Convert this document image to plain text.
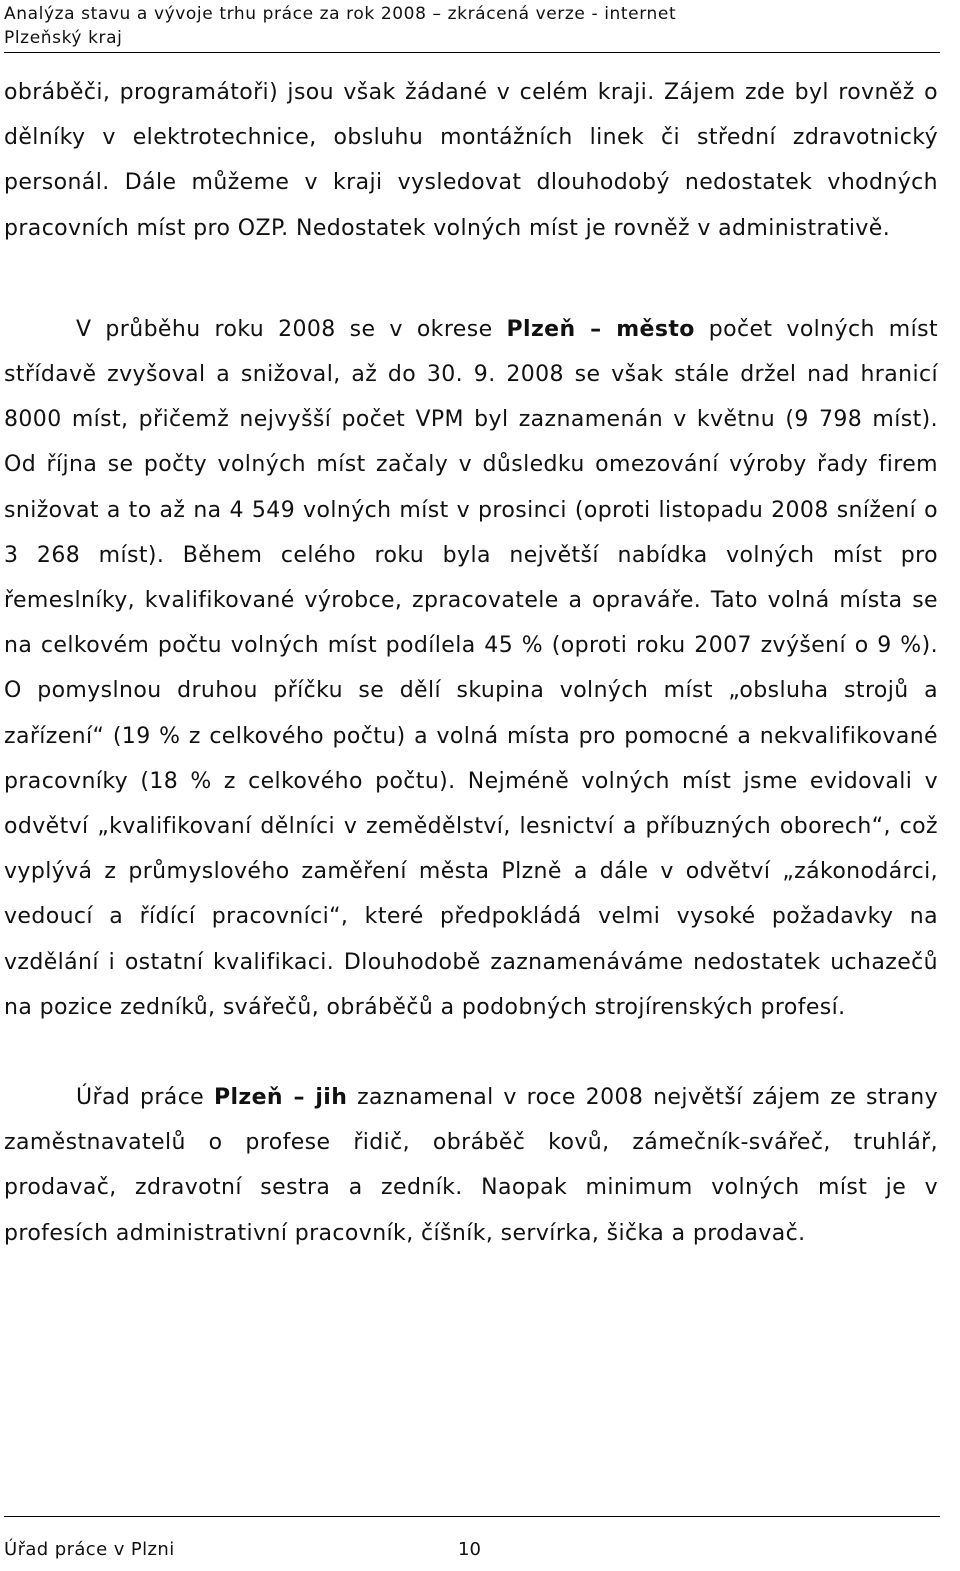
Analýza stavu a vývoje trhu práce za rok 2008 – zkrácená verze - internet
Plzeňský kraj

obráběči, programátoři) jsou však žádané v celém kraji. Zájem zde byl rovněž o dělníky v elektrotechnice, obsluhu montážních linek či střední zdravotnický personál. Dále můžeme v kraji vysledovat dlouhodobý nedostatek vhodných pracovních míst pro OZP. Nedostatek volných míst je rovněž v administrativě.

V průběhu roku 2008 se v okrese Plzeň – město počet volných míst střídavě zvyšoval a snižoval, až do 30. 9. 2008 se však stále držel nad hranicí 8000 míst, přičemž nejvyšší počet VPM byl zaznamenán v květnu (9 798 míst). Od října se počty volných míst začaly v důsledku omezování výroby řady firem snižovat a to až na 4 549 volných míst v prosinci (oproti listopadu 2008 snížení o 3 268 míst). Během celého roku byla největší nabídka volných míst pro řemeslníky, kvalifikované výrobce, zpracovatele a opraváře. Tato volná místa se na celkovém počtu volných míst podílela 45 % (oproti roku 2007 zvýšení o 9 %). O pomyslnou druhou příčku se dělí skupina volných míst „obsluha strojů a zařízení“ (19 % z celkového počtu) a volná místa pro pomocné a nekvalifikované pracovníky (18 % z celkového počtu). Nejméně volných míst jsme evidovali v odvětví „kvalifikovaní dělníci v zemědělství, lesnictví a příbuzných oborech“, což vyplývá z průmyslového zaměření města Plzně a dále v odvětví „zákonodárci, vedoucí a řídící pracovníci“, které předpokládá velmi vysoké požadavky na vzdělání i ostatní kvalifikaci. Dlouhodobě zaznamenáváme nedostatek uchazečů na pozice zedníků, svářečů, obráběčů a podobných strojírenských profesí.

Úřad práce Plzeň – jih zaznamenal v roce 2008 největší zájem ze strany zaměstnavatelů o profese řidič, obráběč kovů, zámečník-svářeč, truhlář, prodavač, zdravotní sestra a zedník. Naopak minimum volných míst je v profesích administrativní pracovník, číšník, servírka, šička a prodavač.

Úřad práce v Plzni	10
